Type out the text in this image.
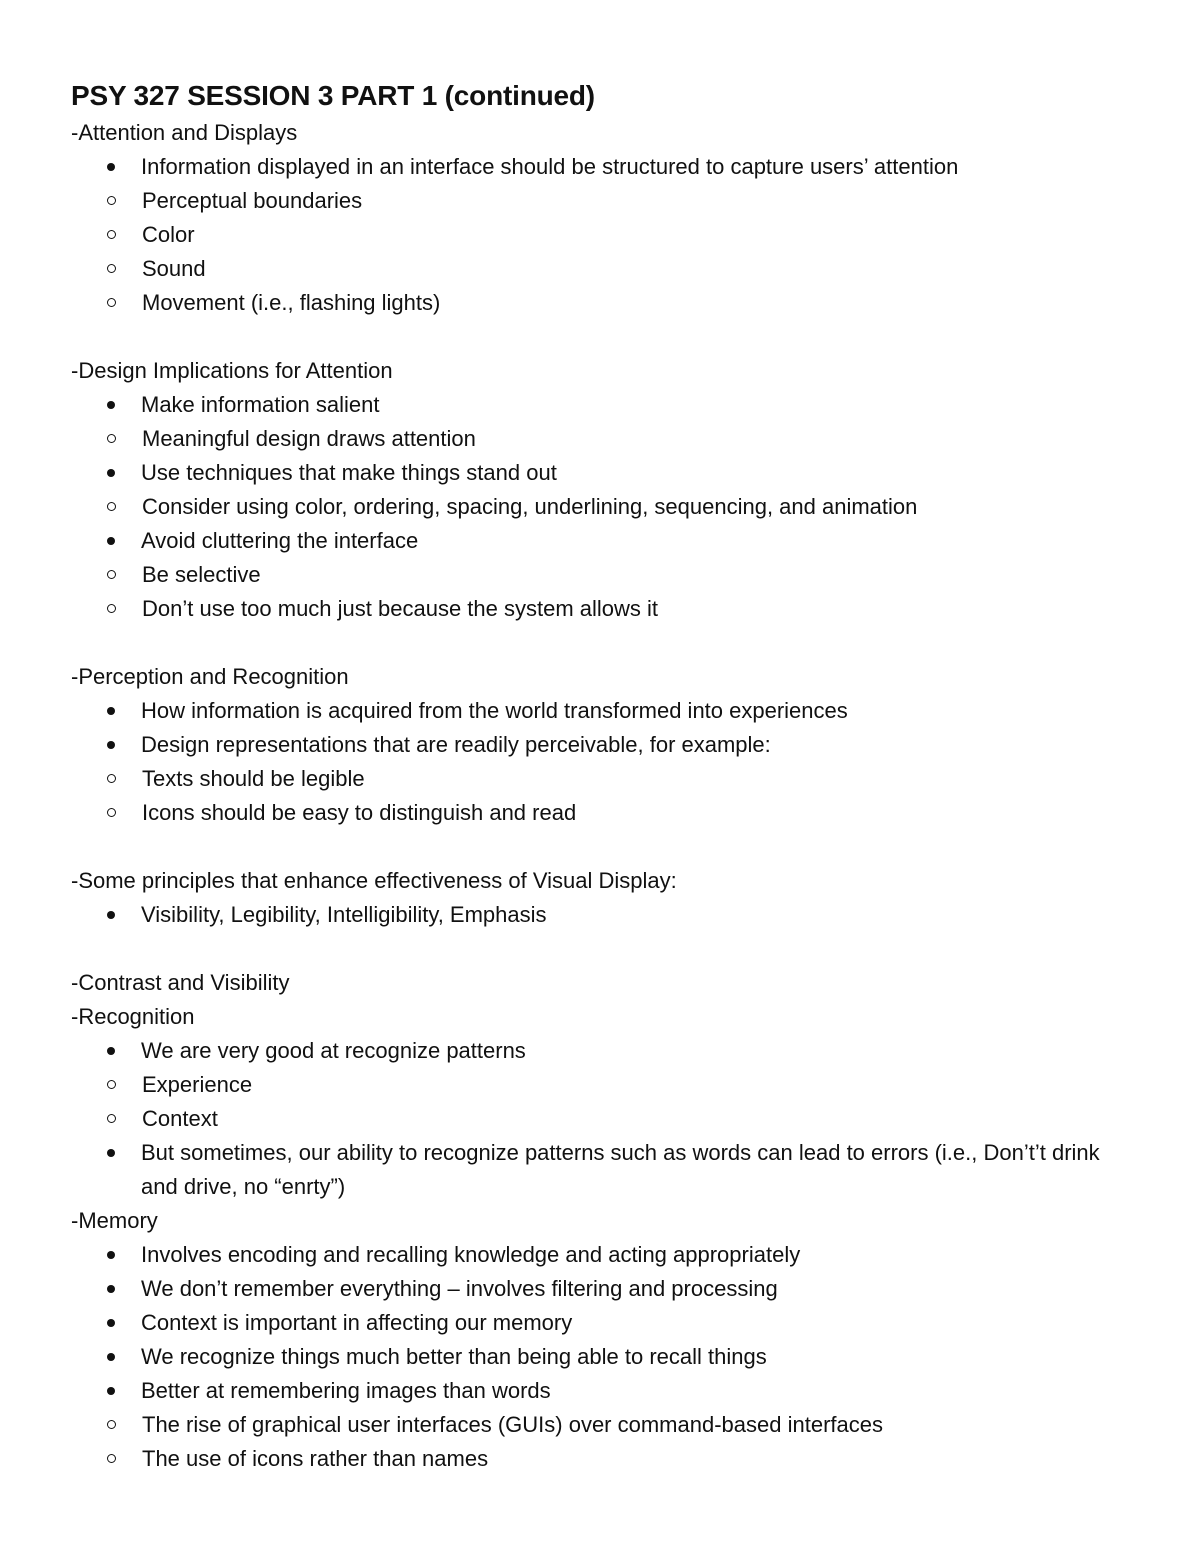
PSY 327 SESSION 3 PART 1 (continued)
-Attention and Displays
Information displayed in an interface should be structured to capture users’ attention
Perceptual boundaries
Color
Sound
Movement (i.e., flashing lights)
-Design Implications for Attention
Make information salient
Meaningful design draws attention
Use techniques that make things stand out
Consider using color, ordering, spacing, underlining, sequencing, and animation
Avoid cluttering the interface
Be selective
Don’t use too much just because the system allows it
-Perception and Recognition
How information is acquired from the world transformed into experiences
Design representations that are readily perceivable, for example:
Texts should be legible
Icons should be easy to distinguish and read
-Some principles that enhance effectiveness of Visual Display:
Visibility, Legibility, Intelligibility, Emphasis
-Contrast and Visibility
-Recognition
We are very good at recognize patterns
Experience
Context
But sometimes, our ability to recognize patterns such as words can lead to errors (i.e., Don’t’t drink and drive, no “enrty”)
-Memory
Involves encoding and recalling knowledge and acting appropriately
We don’t remember everything – involves filtering and processing
Context is important in affecting our memory
We recognize things much better than being able to recall things
Better at remembering images than words
The rise of graphical user interfaces (GUIs) over command-based interfaces
The use of icons rather than names
